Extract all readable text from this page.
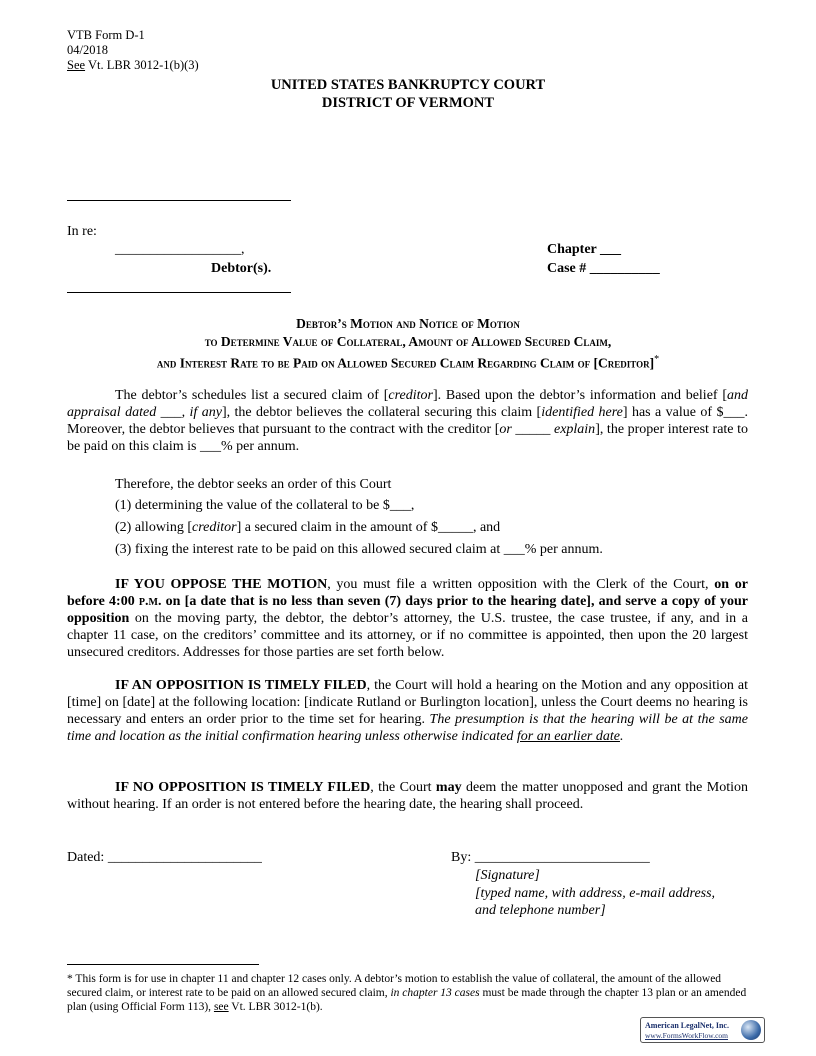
VTB Form D-1
04/2018
See Vt. LBR 3012-1(b)(3)
UNITED STATES BANKRUPTCY COURT
DISTRICT OF VERMONT
In re:
__________________,
Debtor(s).
Chapter ___
Case # __________
Debtor’s Motion and Notice of Motion
to Determine Value of Collateral, Amount of Allowed Secured Claim,
and Interest Rate to be Paid on Allowed Secured Claim Regarding Claim of [Creditor]*
The debtor’s schedules list a secured claim of [creditor]. Based upon the debtor’s information and belief [and appraisal dated ___, if any], the debtor believes the collateral securing this claim [identified here] has a value of $___. Moreover, the debtor believes that pursuant to the contract with the creditor [or _____ explain], the proper interest rate to be paid on this claim is ___% per annum.
Therefore, the debtor seeks an order of this Court
(1) determining the value of the collateral to be $___,
(2) allowing [creditor] a secured claim in the amount of $_____, and
(3) fixing the interest rate to be paid on this allowed secured claim at ___% per annum.
IF YOU OPPOSE THE MOTION, you must file a written opposition with the Clerk of the Court, on or before 4:00 p.m. on [a date that is no less than seven (7) days prior to the hearing date], and serve a copy of your opposition on the moving party, the debtor, the debtor’s attorney, the U.S. trustee, the case trustee, if any, and in a chapter 11 case, on the creditors’ committee and its attorney, or if no committee is appointed, then upon the 20 largest unsecured creditors. Addresses for those parties are set forth below.
IF AN OPPOSITION IS TIMELY FILED, the Court will hold a hearing on the Motion and any opposition at [time] on [date] at the following location: [indicate Rutland or Burlington location], unless the Court deems no hearing is necessary and enters an order prior to the time set for hearing. The presumption is that the hearing will be at the same time and location as the initial confirmation hearing unless otherwise indicated for an earlier date.
IF NO OPPOSITION IS TIMELY FILED, the Court may deem the matter unopposed and grant the Motion without hearing. If an order is not entered before the hearing date, the hearing shall proceed.
Dated: ______________________	By: _________________________
[Signature]
[typed name, with address, e-mail address,
and telephone number]
* This form is for use in chapter 11 and chapter 12 cases only. A debtor’s motion to establish the value of collateral, the amount of the allowed secured claim, or interest rate to be paid on an allowed secured claim, in chapter 13 cases must be made through the chapter 13 plan or an amended plan (using Official Form 113), see Vt. LBR 3012-1(b).
American LegalNet, Inc.
www.FormsWorkFlow.com
